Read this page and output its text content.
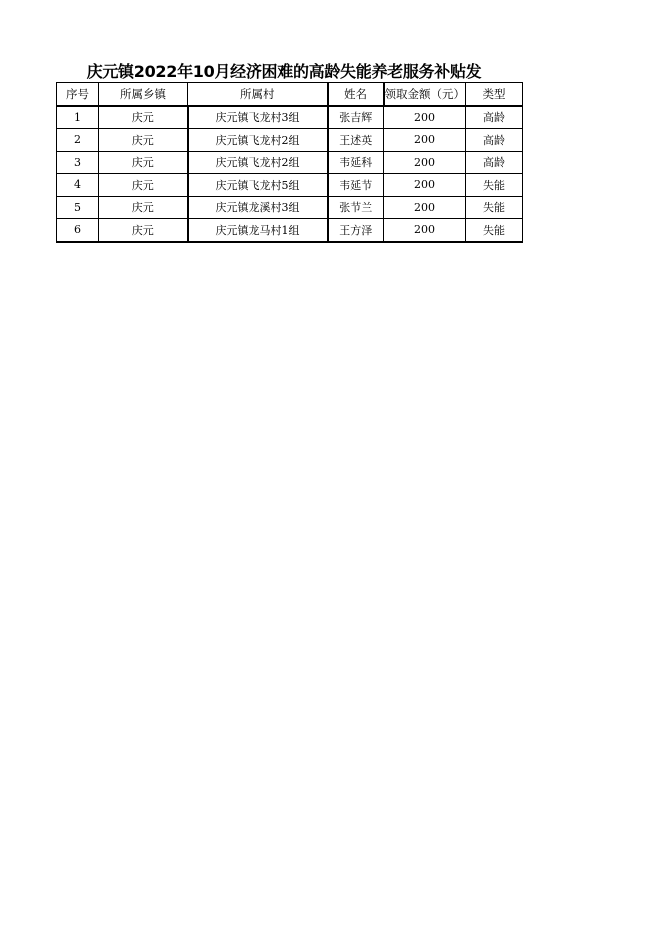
庆元镇2022年10月经济困难的高龄失能养老服务补贴发
序号	所属乡镇	所属村	姓名	领取金额（元）	类型
1	庆元	庆元镇飞龙村3组	张吉辉	200	高龄
2	庆元	庆元镇飞龙村2组	王述英	200	高龄
3	庆元	庆元镇飞龙村2组	韦延科	200	高龄
4	庆元	庆元镇飞龙村5组	韦延节	200	失能
5	庆元	庆元镇龙溪村3组	张节兰	200	失能
6	庆元	庆元镇龙马村1组	王方泽	200	失能
